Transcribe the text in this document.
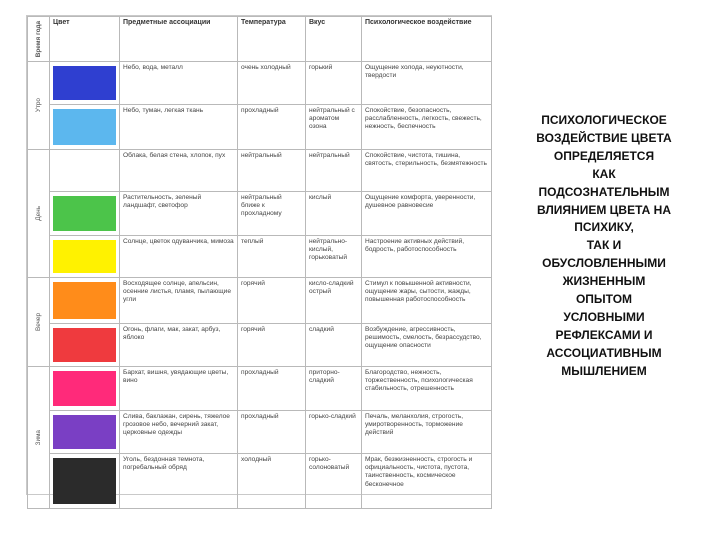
Время года	Цвет	Предметные ассоциации	Температура	Вкус	Психологическое воздействие

Утро		Небо, вода, металл	очень холодный	горький	Ощущение холода, неуютности, твердости

		Небо, туман, легкая ткань	прохладный	нейтральный с ароматом озона	Спокойствие, безопасность, расслабленность, легкость, свежесть, нежность, беспечность

День		Облака, белая стена, хлопок, пух	нейтральный	нейтральный	Спокойствие, чистота, тишина, святость, стерильность, безмятежность

		Растительность, зеленый ландшафт, светофор	нейтральный ближе к прохладному	кислый	Ощущение комфорта, уверенности, душевное равновесие

		Солнце, цветок одуванчика, мимоза	теплый	нейтрально-кислый, горьковатый	Настроение активных действий, бодрость, работоспособность

Вечер		Восходящее солнце, апельсин, осенние листья, пламя, пылающие угли	горячий	кисло-сладкий острый	Стимул к повышенной активности, ощущение жары, сытости, жажды, повышенная работоспособность

		Огонь, флаги, мак, закат, арбуз, яблоко	горячий	сладкий	Возбуждение, агрессивность, решимость, смелость, безрассудство, ощущение опасности

Зима		Бархат, вишня, увядающие цветы, вино	прохладный	приторно-сладкий	Благородство, нежность, торжественность, психологическая стабильность, отрешенность

		Слива, баклажан, сирень, тяжелое грозовое небо, вечерний закат, церковные одежды	прохладный	горько-сладкий	Печаль, меланхолия, строгость, умиротворенность, торможение действий

		Уголь, бездонная темнота, погребальный обряд	холодный	горько-солоноватый	Мрак, безжизненность, строгость и официальность, чистота, пустота, таинственность, космическое бесконечное
ПСИХОЛОГИЧЕСКОЕ
ВОЗДЕЙСТВИЕ ЦВЕТА
ОПРЕДЕЛЯЕТСЯ
КАК
ПОДСОЗНАТЕЛЬНЫМ
ВЛИЯНИЕМ ЦВЕТА НА
ПСИХИКУ,
ТАК И
ОБУСЛОВЛЕННЫМИ
ЖИЗНЕННЫМ
ОПЫТОМ
УСЛОВНЫМИ
РЕФЛЕКСАМИ И
АССОЦИАТИВНЫМ
МЫШЛЕНИЕМ
